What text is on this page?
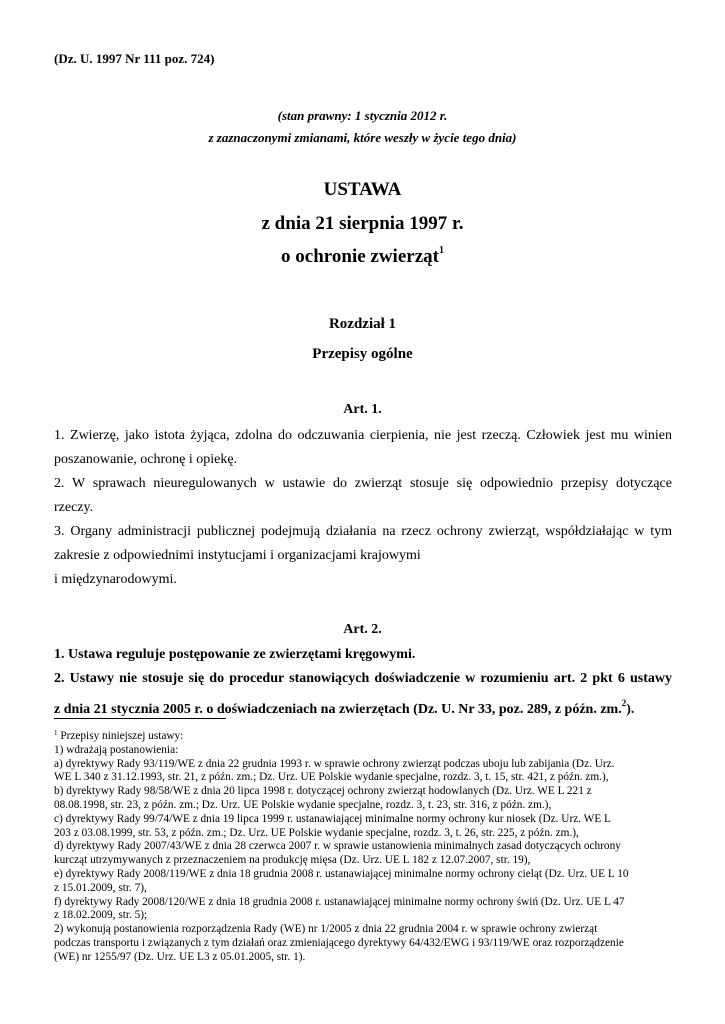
(Dz. U. 1997 Nr 111 poz. 724)
(stan prawny: 1 stycznia 2012 r.
z zaznaczonymi zmianami, które weszły w życie tego dnia)
USTAWA
z dnia 21 sierpnia 1997 r.
o ochronie zwierząt$^1$
Rozdział 1
Przepisy ogólne
Art. 1.
1. Zwierzę, jako istota żyjąca, zdolna do odczuwania cierpienia, nie jest rzeczą. Człowiek jest mu winien
poszanowanie, ochronę i opiekę.
2. W sprawach nieuregulowanych w ustawie do zwierząt stosuje się odpowiednio przepisy dotyczące
rzeczy.
3. Organy administracji publicznej podejmują działania na rzecz ochrony zwierząt, współdziałając w tym
zakresie z odpowiednimi instytucjami i organizacjami krajowymi
i międzynarodowymi.
Art. 2.
1. Ustawa reguluje postępowanie ze zwierzętami kręgowymi.
2. Ustawy nie stosuje się do procedur stanowiących doświadczenie w rozumieniu art. 2 pkt 6 ustawy
z dnia 21 stycznia 2005 r. o doświadczeniach na zwierzętach (Dz. U. Nr 33, poz. 289, z późn. zm.$^2$).
$^1$ Przepisy niniejszej ustawy:
1) wdrażają postanowienia:
a) dyrektywy Rady 93/119/WE z dnia 22 grudnia 1993 r. w sprawie ochrony zwierząt podczas uboju lub zabijania (Dz. Urz.
WE L 340 z 31.12.1993, str. 21, z późn. zm.; Dz. Urz. UE Polskie wydanie specjalne, rozdz. 3, t. 15, str. 421, z późn. zm.),
b) dyrektywy Rady 98/58/WE z dnia 20 lipca 1998 r. dotyczącej ochrony zwierząt hodowlanych (Dz. Urz. WE L 221 z
08.08.1998, str. 23, z późn. zm.; Dz. Urz. UE Polskie wydanie specjalne, rozdz. 3, t. 23, str. 316, z późn. zm.),
c) dyrektywy Rady 99/74/WE z dnia 19 lipca 1999 r. ustanawiającej minimalne normy ochrony kur niosek (Dz. Urz. WE L
203 z 03.08.1999, str. 53, z późn. zm.; Dz. Urz. UE Polskie wydanie specjalne, rozdz. 3, t. 26, str. 225, z późn. zm.),
d) dyrektywy Rady 2007/43/WE z dnia 28 czerwca 2007 r. w sprawie ustanowienia minimalnych zasad dotyczących ochrony
kurcząt utrzymywanych z przeznaczeniem na produkcję mięsa (Dz. Urz. UE L 182 z 12.07.2007, str. 19),
e) dyrektywy Rady 2008/119/WE z dnia 18 grudnia 2008 r. ustanawiającej minimalne normy ochrony cieląt (Dz. Urz. UE L 10
z 15.01.2009, str. 7),
f) dyrektywy Rady 2008/120/WE z dnia 18 grudnia 2008 r. ustanawiającej minimalne normy ochrony świń (Dz. Urz. UE L 47
z 18.02.2009, str. 5);
2) wykonują postanowienia rozporządzenia Rady (WE) nr 1/2005 z dnia 22 grudnia 2004 r. w sprawie ochrony zwierząt
podczas transportu i związanych z tym działań oraz zmieniającego dyrektywy 64/432/EWG i 93/119/WE oraz rozporządzenie
(WE) nr 1255/97 (Dz. Urz. UE L3 z 05.01.2005, str. 1).
